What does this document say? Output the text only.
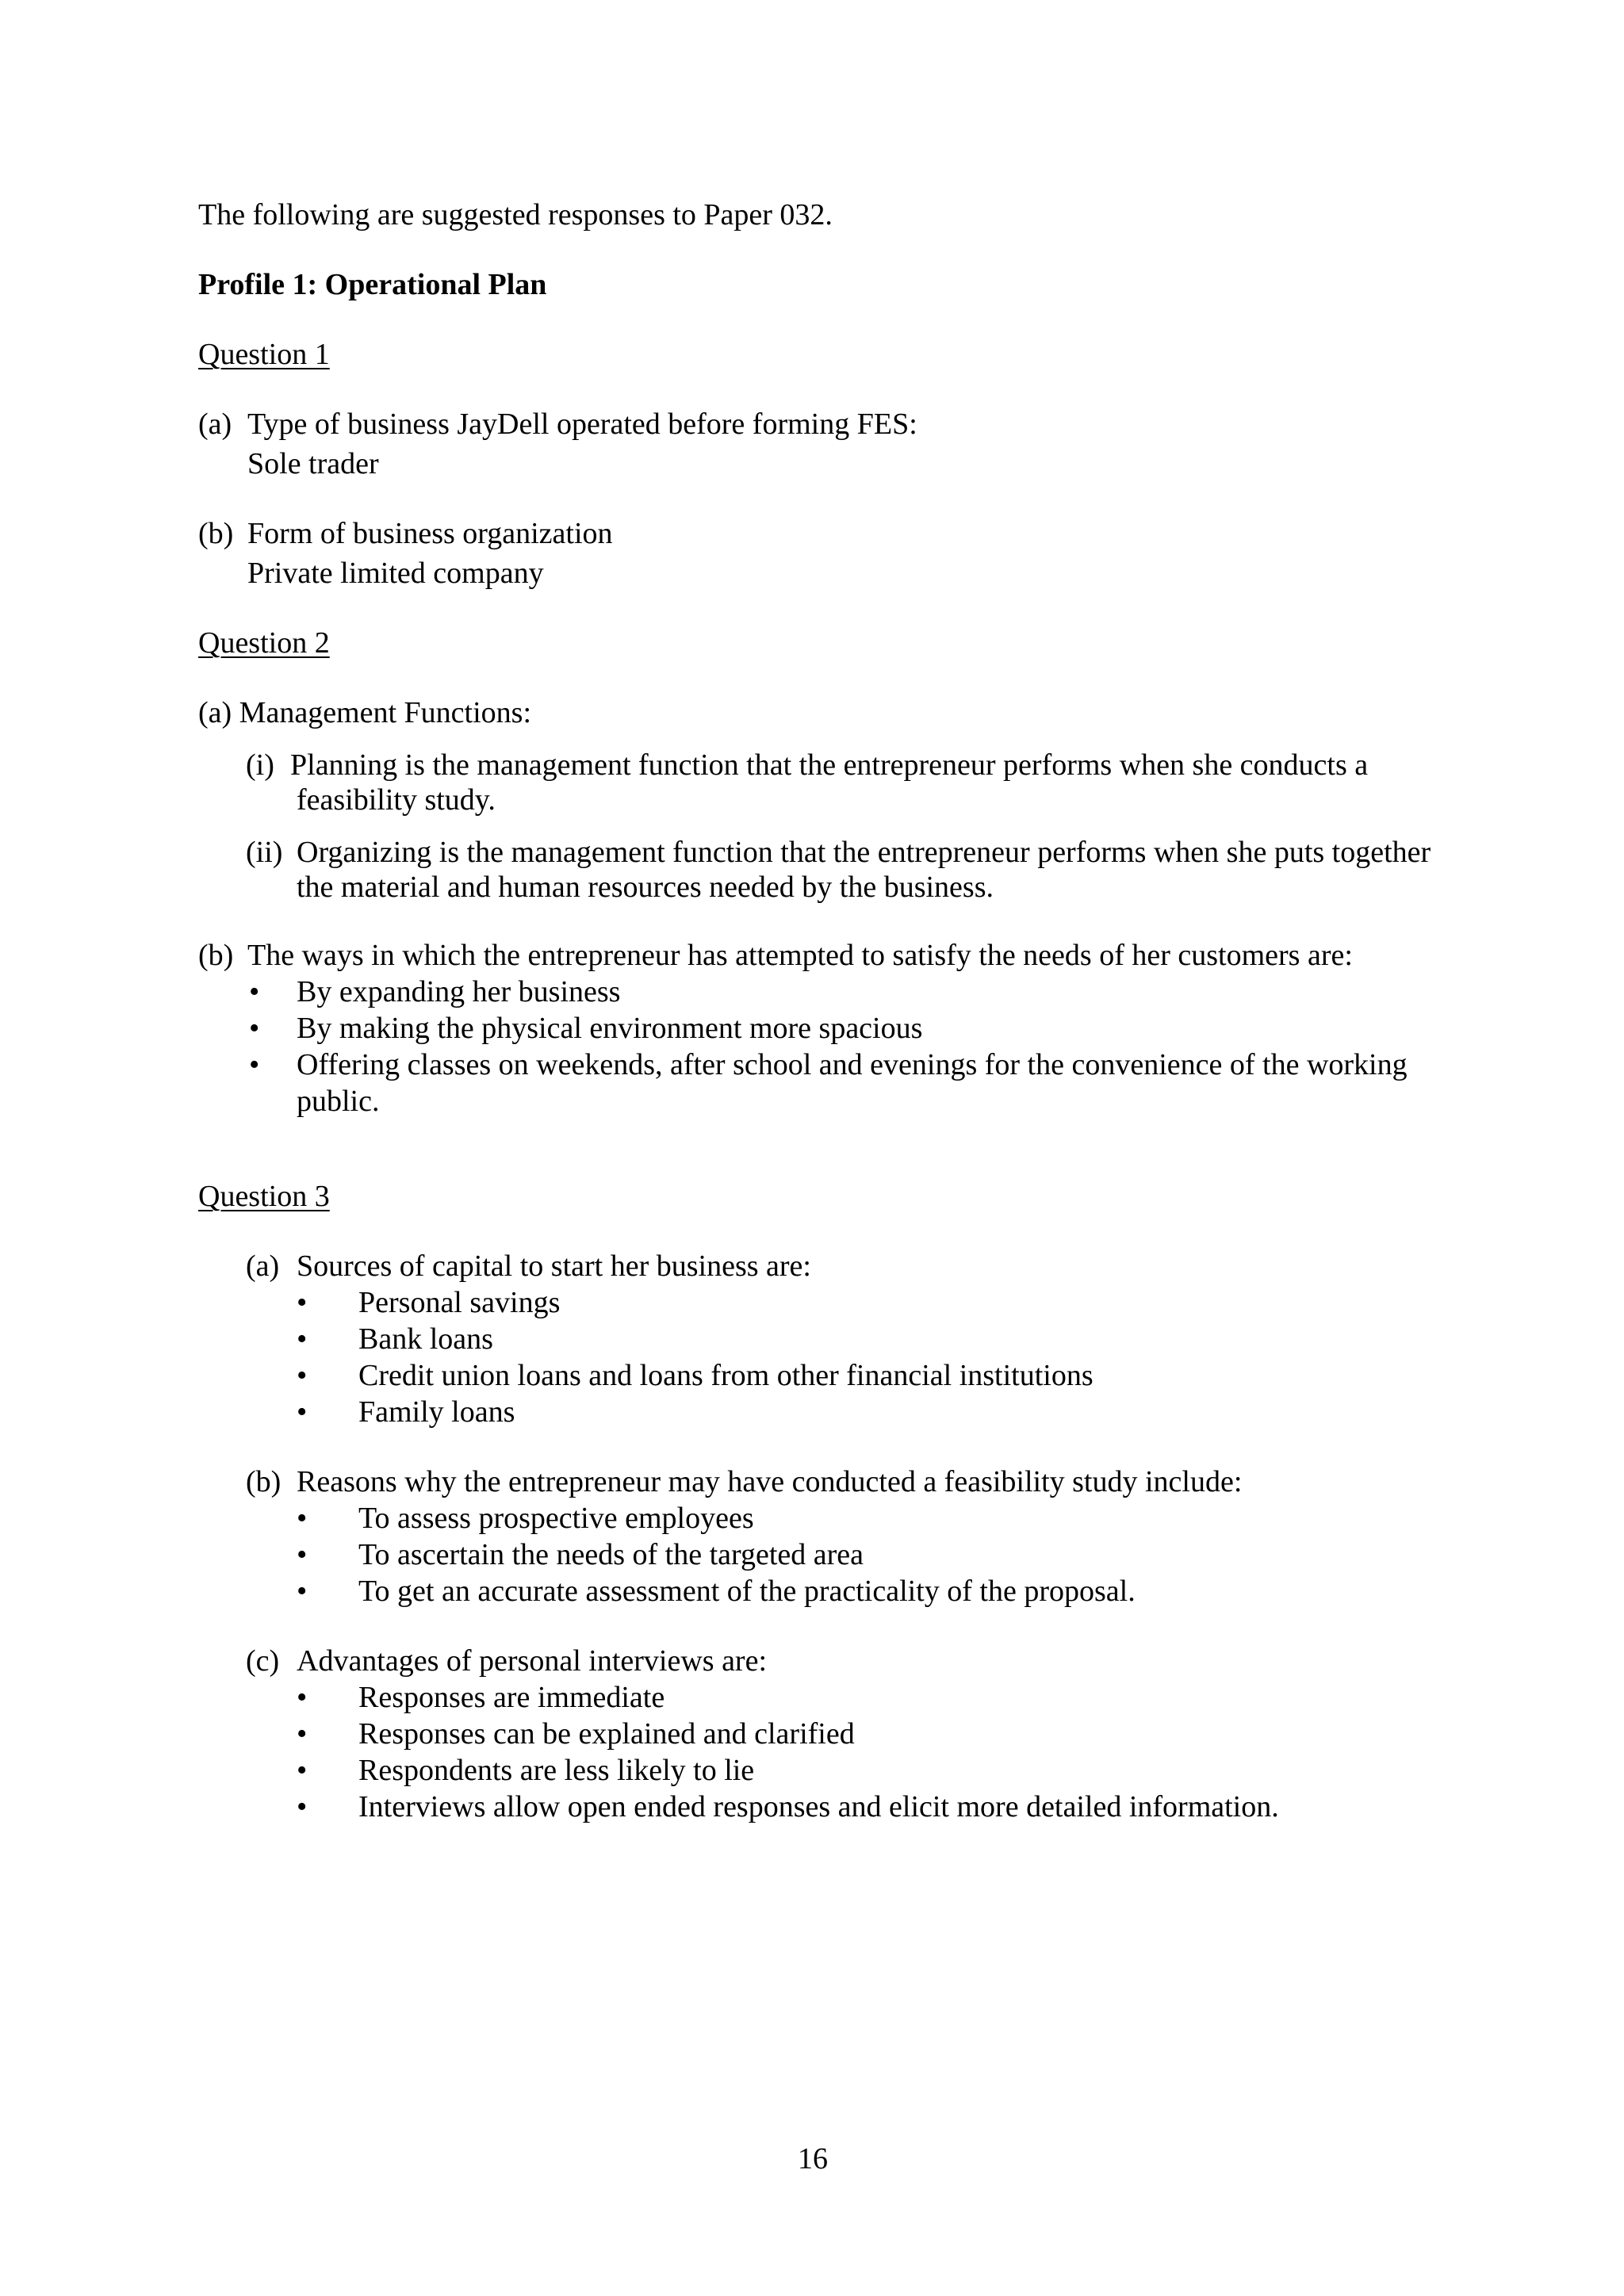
The following are suggested responses to Paper 032.
Profile 1: Operational Plan
Question 1
(a) Type of business JayDell operated before forming FES:
Sole trader
(b) Form of business organization
Private limited company
Question 2
(a) Management Functions:
(i) Planning is the management function that the entrepreneur performs when she conducts a
feasibility study.
(ii) Organizing is the management function that the entrepreneur performs when she puts together
the material and human resources needed by the business.
(b) The ways in which the entrepreneur has attempted to satisfy the needs of her customers are:
• By expanding her business
• By making the physical environment more spacious
• Offering classes on weekends, after school and evenings for the convenience of the working
public.
Question 3
(a) Sources of capital to start her business are:
• Personal savings
• Bank loans
• Credit union loans and loans from other financial institutions
• Family loans
(b) Reasons why the entrepreneur may have conducted a feasibility study include:
• To assess prospective employees
• To ascertain the needs of the targeted area
• To get an accurate assessment of the practicality of the proposal.
(c) Advantages of personal interviews are:
• Responses are immediate
• Responses can be explained and clarified
• Respondents are less likely to lie
• Interviews allow open ended responses and elicit more detailed information.
16
